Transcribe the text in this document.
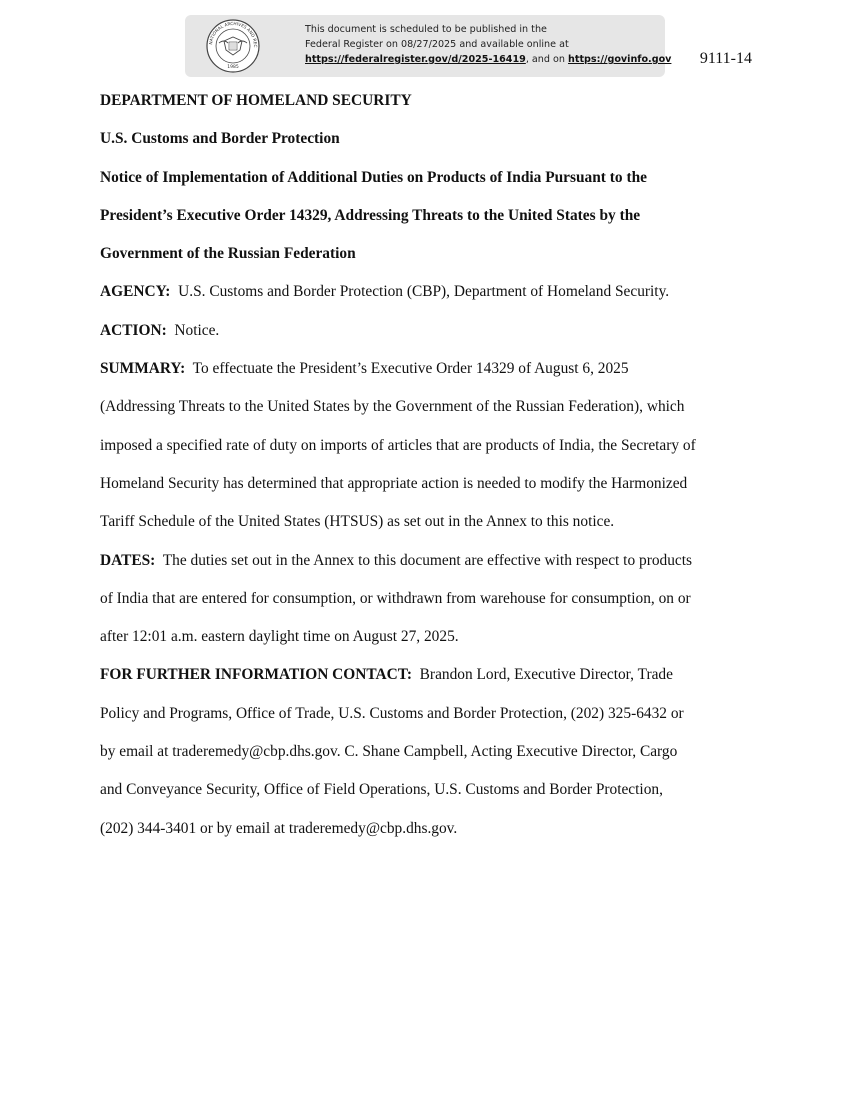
NATIONAL ARCHIVES AND REC
1985
This document is scheduled to be published in the
Federal Register on 08/27/2025 and available online at
https://federalregister.gov/d/2025-16419, and on https://govinfo.gov 9111-14

DEPARTMENT OF HOMELAND SECURITY

U.S. Customs and Border Protection

Notice of Implementation of Additional Duties on Products of India Pursuant to the

President’s Executive Order 14329, Addressing Threats to the United States by the

Government of the Russian Federation

AGENCY: U.S. Customs and Border Protection (CBP), Department of Homeland Security.

ACTION: Notice.

SUMMARY: To effectuate the President’s Executive Order 14329 of August 6, 2025

(Addressing Threats to the United States by the Government of the Russian Federation), which

imposed a specified rate of duty on imports of articles that are products of India, the Secretary of

Homeland Security has determined that appropriate action is needed to modify the Harmonized

Tariff Schedule of the United States (HTSUS) as set out in the Annex to this notice.

DATES: The duties set out in the Annex to this document are effective with respect to products

of India that are entered for consumption, or withdrawn from warehouse for consumption, on or

after 12:01 a.m. eastern daylight time on August 27, 2025.

FOR FURTHER INFORMATION CONTACT: Brandon Lord, Executive Director, Trade

Policy and Programs, Office of Trade, U.S. Customs and Border Protection, (202) 325-6432 or

by email at traderemedy@cbp.dhs.gov. C. Shane Campbell, Acting Executive Director, Cargo

and Conveyance Security, Office of Field Operations, U.S. Customs and Border Protection,

(202) 344-3401 or by email at traderemedy@cbp.dhs.gov.
